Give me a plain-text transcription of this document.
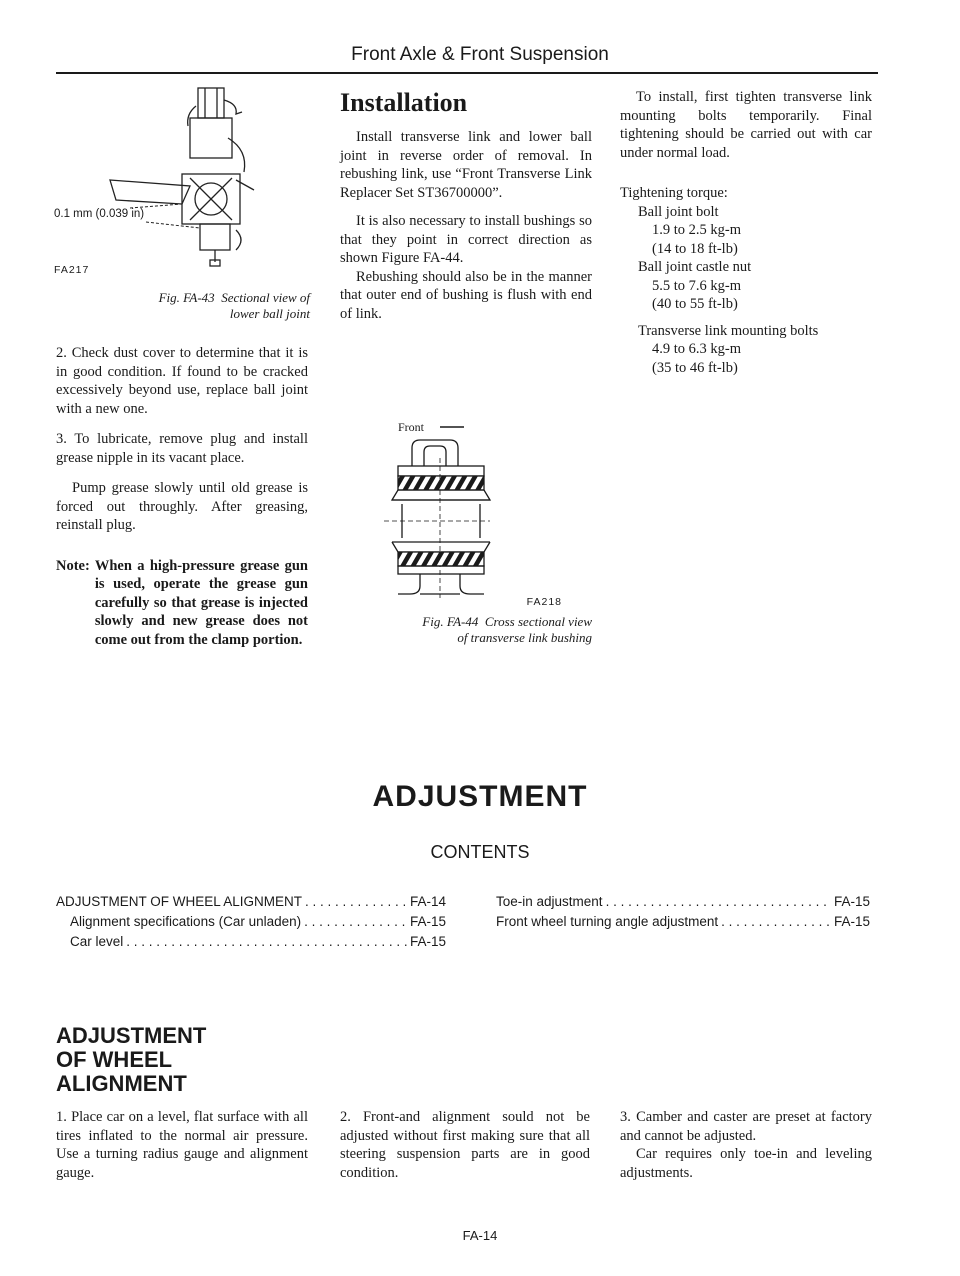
Front Axle & Front Suspension
0.1 mm (0.039 in)
FA217
Fig. FA-43 Sectional view of
lower ball joint

2. Check dust cover to determine that it is in good condition. If found to be cracked excessively beyond use, replace ball joint with a new one.

3. To lubricate, remove plug and install grease nipple in its vacant place.

Pump grease slowly until old grease is forced out throughly. After greasing, reinstall plug.

Note: When a high-pressure grease gun is used, operate the grease gun carefully so that grease is injected slowly and new grease does not come out from the clamp portion.
Installation

Install transverse link and lower ball joint in reverse order of removal. In rebushing link, use “Front Transverse Link Replacer Set ST36700000”.

It is also necessary to install bushings so that they point in correct direction as shown Figure FA-44.

Rebushing should also be in the manner that outer end of bushing is flush with end of link.

Front
FA218
Fig. FA-44 Cross sectional view
of transverse link bushing

To install, first tighten transverse link mounting bolts temporarily. Final tightening should be carried out with car under normal load.

Tightening torque:
Ball joint bolt
1.9 to 2.5 kg-m
(14 to 18 ft-lb)
Ball joint castle nut
5.5 to 7.6 kg-m
(40 to 55 ft-lb)
Transverse link mounting bolts
4.9 to 6.3 kg-m
(35 to 46 ft-lb)
ADJUSTMENT
CONTENTS
ADJUSTMENT OF WHEEL ALIGNMENT . . .	FA-14
Alignment specifications (Car unladen) . . .	FA-15
Car level . . .	FA-15
Toe-in adjustment . . .	FA-15
Front wheel turning angle adjustment . . .	FA-15
ADJUSTMENT
OF WHEEL
ALIGNMENT

1. Place car on a level, flat surface with all tires inflated to the normal air pressure. Use a turning radius gauge and alignment gauge.

2. Front-and alignment sould not be adjusted without first making sure that all steering suspension parts are in good condition.

3. Camber and caster are preset at factory and cannot be adjusted.

Car requires only toe-in and leveling adjustments.

FA-14
